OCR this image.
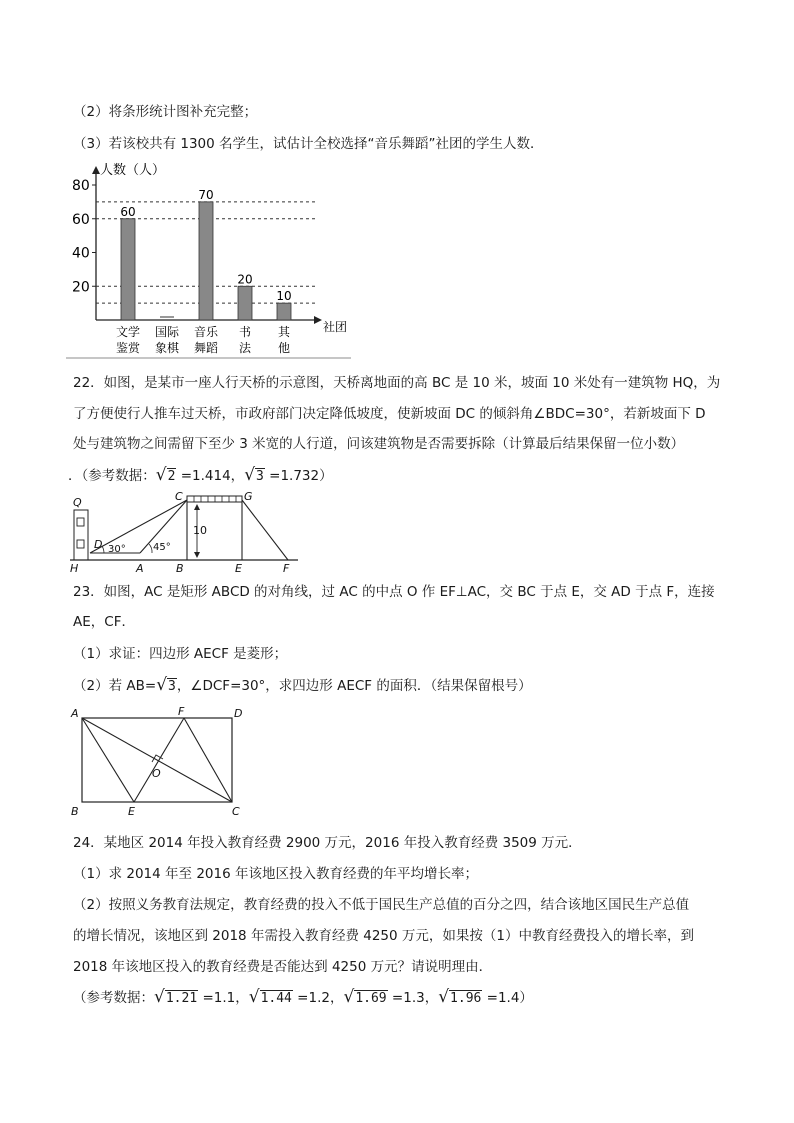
（2）将条形统计图补充完整；
（3）若该校共有 1300 名学生，试估计全校选择“音乐舞蹈”社团的学生人数．
人数（人）
社团
20
40
60
80
60
文学
鉴赏
国际
象棋
70
音乐
舞蹈
20
书
法
10
其
他
22．如图，是某市一座人行天桥的示意图，天桥离地面的高 BC 是 10 米，坡面 10 米处有一建筑物 HQ，为
了方便使行人推车过天桥，市政府部门决定降低坡度，使新坡面 DC 的倾斜角∠BDC=30°，若新坡面下 D
处与建筑物之间需留下至少 3 米宽的人行道，问该建筑物是否需要拆除（计算最后结果保留一位小数）
．（参考数据：√2 =1.414，√3 =1.732）
Q	C	G
D 30°	45°
10
H	A	B	E	F
23．如图，AC 是矩形 ABCD 的对角线，过 AC 的中点 O 作 EF⊥AC，交 BC 于点 E，交 AD 于点 F，连接
AE，CF．
（1）求证：四边形 AECF 是菱形；
（2）若 AB=√3，∠DCF=30°，求四边形 AECF 的面积．（结果保留根号）
A	F	D
O
B	E	C
24．某地区 2014 年投入教育经费 2900 万元，2016 年投入教育经费 3509 万元．
（1）求 2014 年至 2016 年该地区投入教育经费的年平均增长率；
（2）按照义务教育法规定，教育经费的投入不低于国民生产总值的百分之四，结合该地区国民生产总值
的增长情况，该地区到 2018 年需投入教育经费 4250 万元，如果按（1）中教育经费投入的增长率，到
2018 年该地区投入的教育经费是否能达到 4250 万元？请说明理由．
（参考数据：√1.21 =1.1，√1.44 =1.2，√1.69 =1.3，√1.96 =1.4）
